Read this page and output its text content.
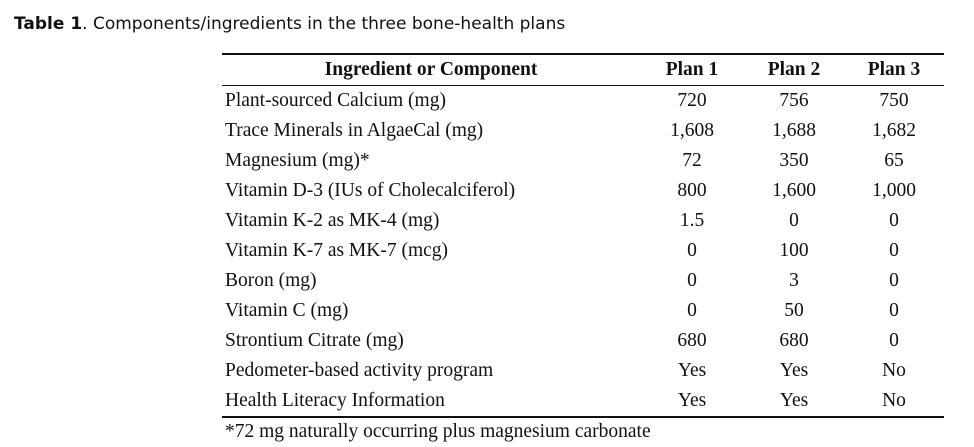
Table 1. Components/ingredients in the three bone-health plans
Ingredient or Component	Plan 1	Plan 2	Plan 3
Plant-sourced Calcium (mg)	720	756	750
Trace Minerals in AlgaeCal (mg)	1,608	1,688	1,682
Magnesium (mg)*	72	350	65
Vitamin D-3 (IUs of Cholecalciferol)	800	1,600	1,000
Vitamin K-2 as MK-4 (mg)	1.5	0	0
Vitamin K-7 as MK-7 (mcg)	0	100	0
Boron (mg)	0	3	0
Vitamin C (mg)	0	50	0
Strontium Citrate (mg)	680	680	0
Pedometer-based activity program	Yes	Yes	No
Health Literacy Information	Yes	Yes	No
*72 mg naturally occurring plus magnesium carbonate
